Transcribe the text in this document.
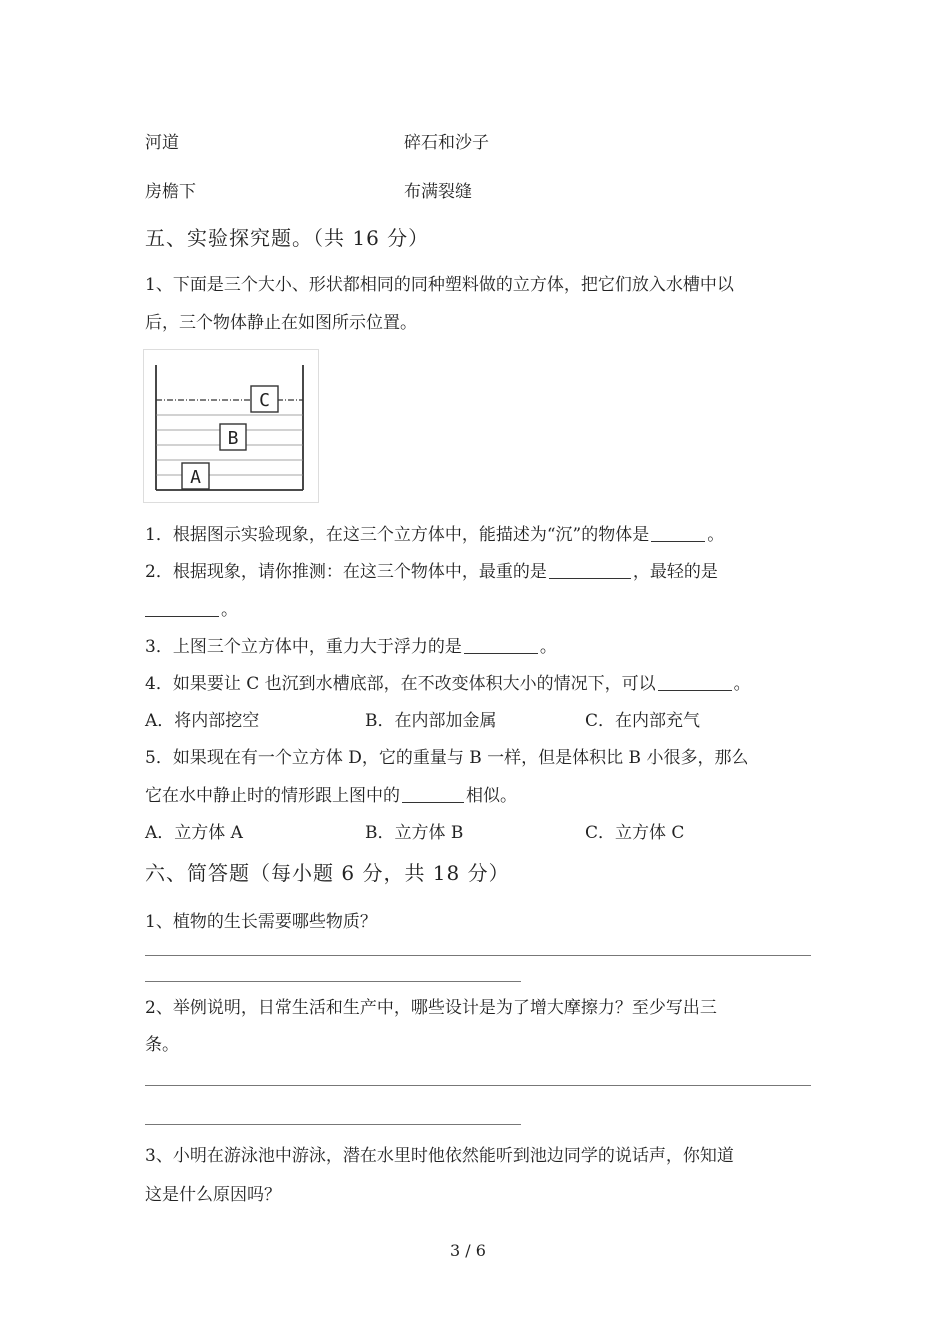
河道	碎石和沙子
房檐下	布满裂缝
五、实验探究题。（共 16 分）
1、下面是三个大小、形状都相同的同种塑料做的立方体，把它们放入水槽中以
后，三个物体静止在如图所示位置。
C
B
A
1．根据图示实验现象，在这三个立方体中，能描述为“沉”的物体是	。
2．根据现象，请你推测：在这三个物体中，最重的是	，最轻的是
。
3．上图三个立方体中，重力大于浮力的是	。
4．如果要让 C 也沉到水槽底部，在不改变体积大小的情况下，可以	。
A．将内部挖空	B．在内部加金属	C．在内部充气
5．如果现在有一个立方体 D，它的重量与 B 一样，但是体积比 B 小很多，那么
它在水中静止时的情形跟上图中的	相似。
A．立方体 A	B．立方体 B	C．立方体 C
六、简答题（每小题 6 分，共 18 分）
1、植物的生长需要哪些物质？
2、举例说明，日常生活和生产中，哪些设计是为了增大摩擦力？至少写出三
条。
3、小明在游泳池中游泳，潜在水里时他依然能听到池边同学的说话声，你知道
这是什么原因吗？
3 / 6
